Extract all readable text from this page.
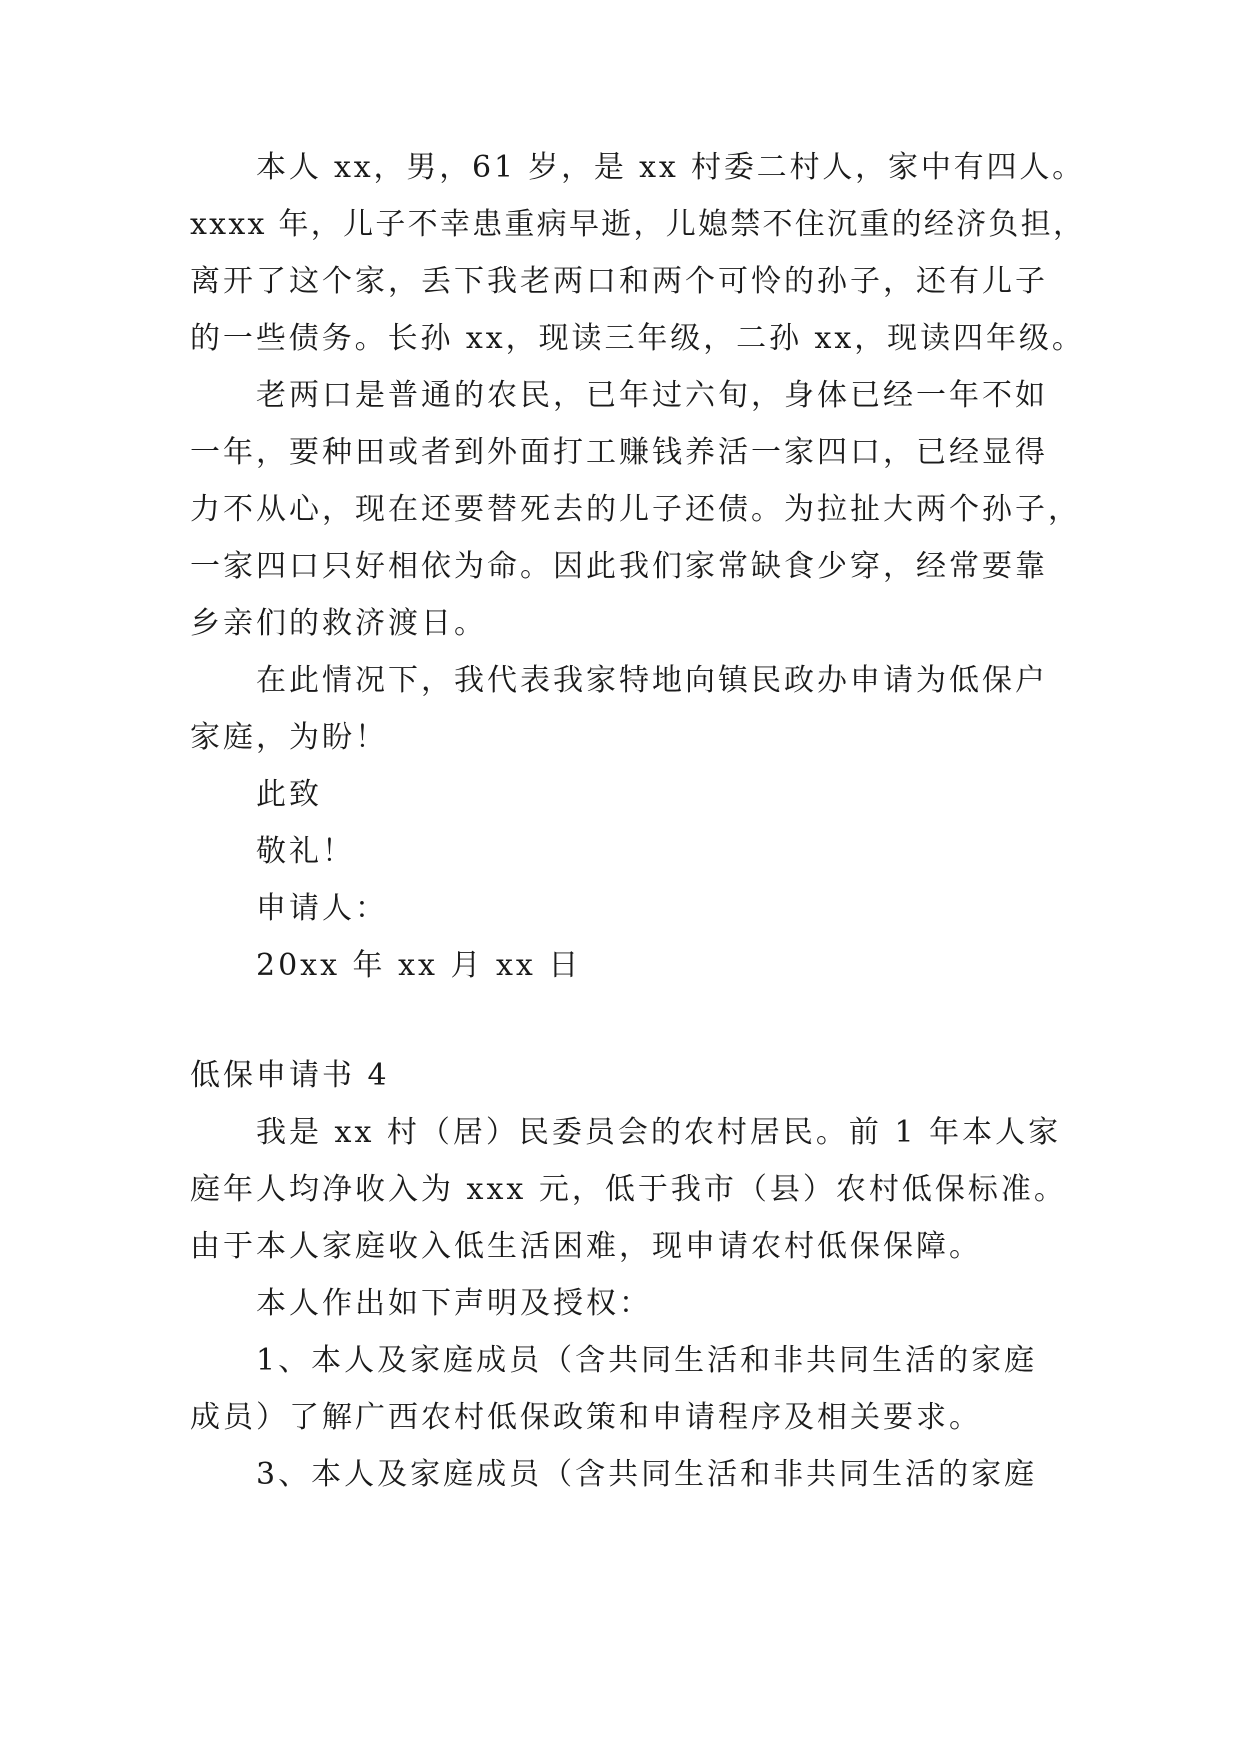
本人 xx，男，61 岁，是 xx 村委二村人，家中有四人。
xxxx 年，儿子不幸患重病早逝，儿媳禁不住沉重的经济负担，
离开了这个家，丢下我老两口和两个可怜的孙子，还有儿子
的一些债务。长孙 xx，现读三年级，二孙 xx，现读四年级。
老两口是普通的农民，已年过六旬，身体已经一年不如
一年，要种田或者到外面打工赚钱养活一家四口，已经显得
力不从心，现在还要替死去的儿子还债。为拉扯大两个孙子，
一家四口只好相依为命。因此我们家常缺食少穿，经常要靠
乡亲们的救济渡日。
在此情况下，我代表我家特地向镇民政办申请为低保户
家庭，为盼！
此致
敬礼！
申请人：
20xx 年 xx 月 xx 日
低保申请书 4
我是 xx 村（居）民委员会的农村居民。前 1 年本人家
庭年人均净收入为 xxx 元，低于我市（县）农村低保标准。
由于本人家庭收入低生活困难，现申请农村低保保障。
本人作出如下声明及授权：
1、本人及家庭成员（含共同生活和非共同生活的家庭
成员）了解广西农村低保政策和申请程序及相关要求。
3、本人及家庭成员（含共同生活和非共同生活的家庭
